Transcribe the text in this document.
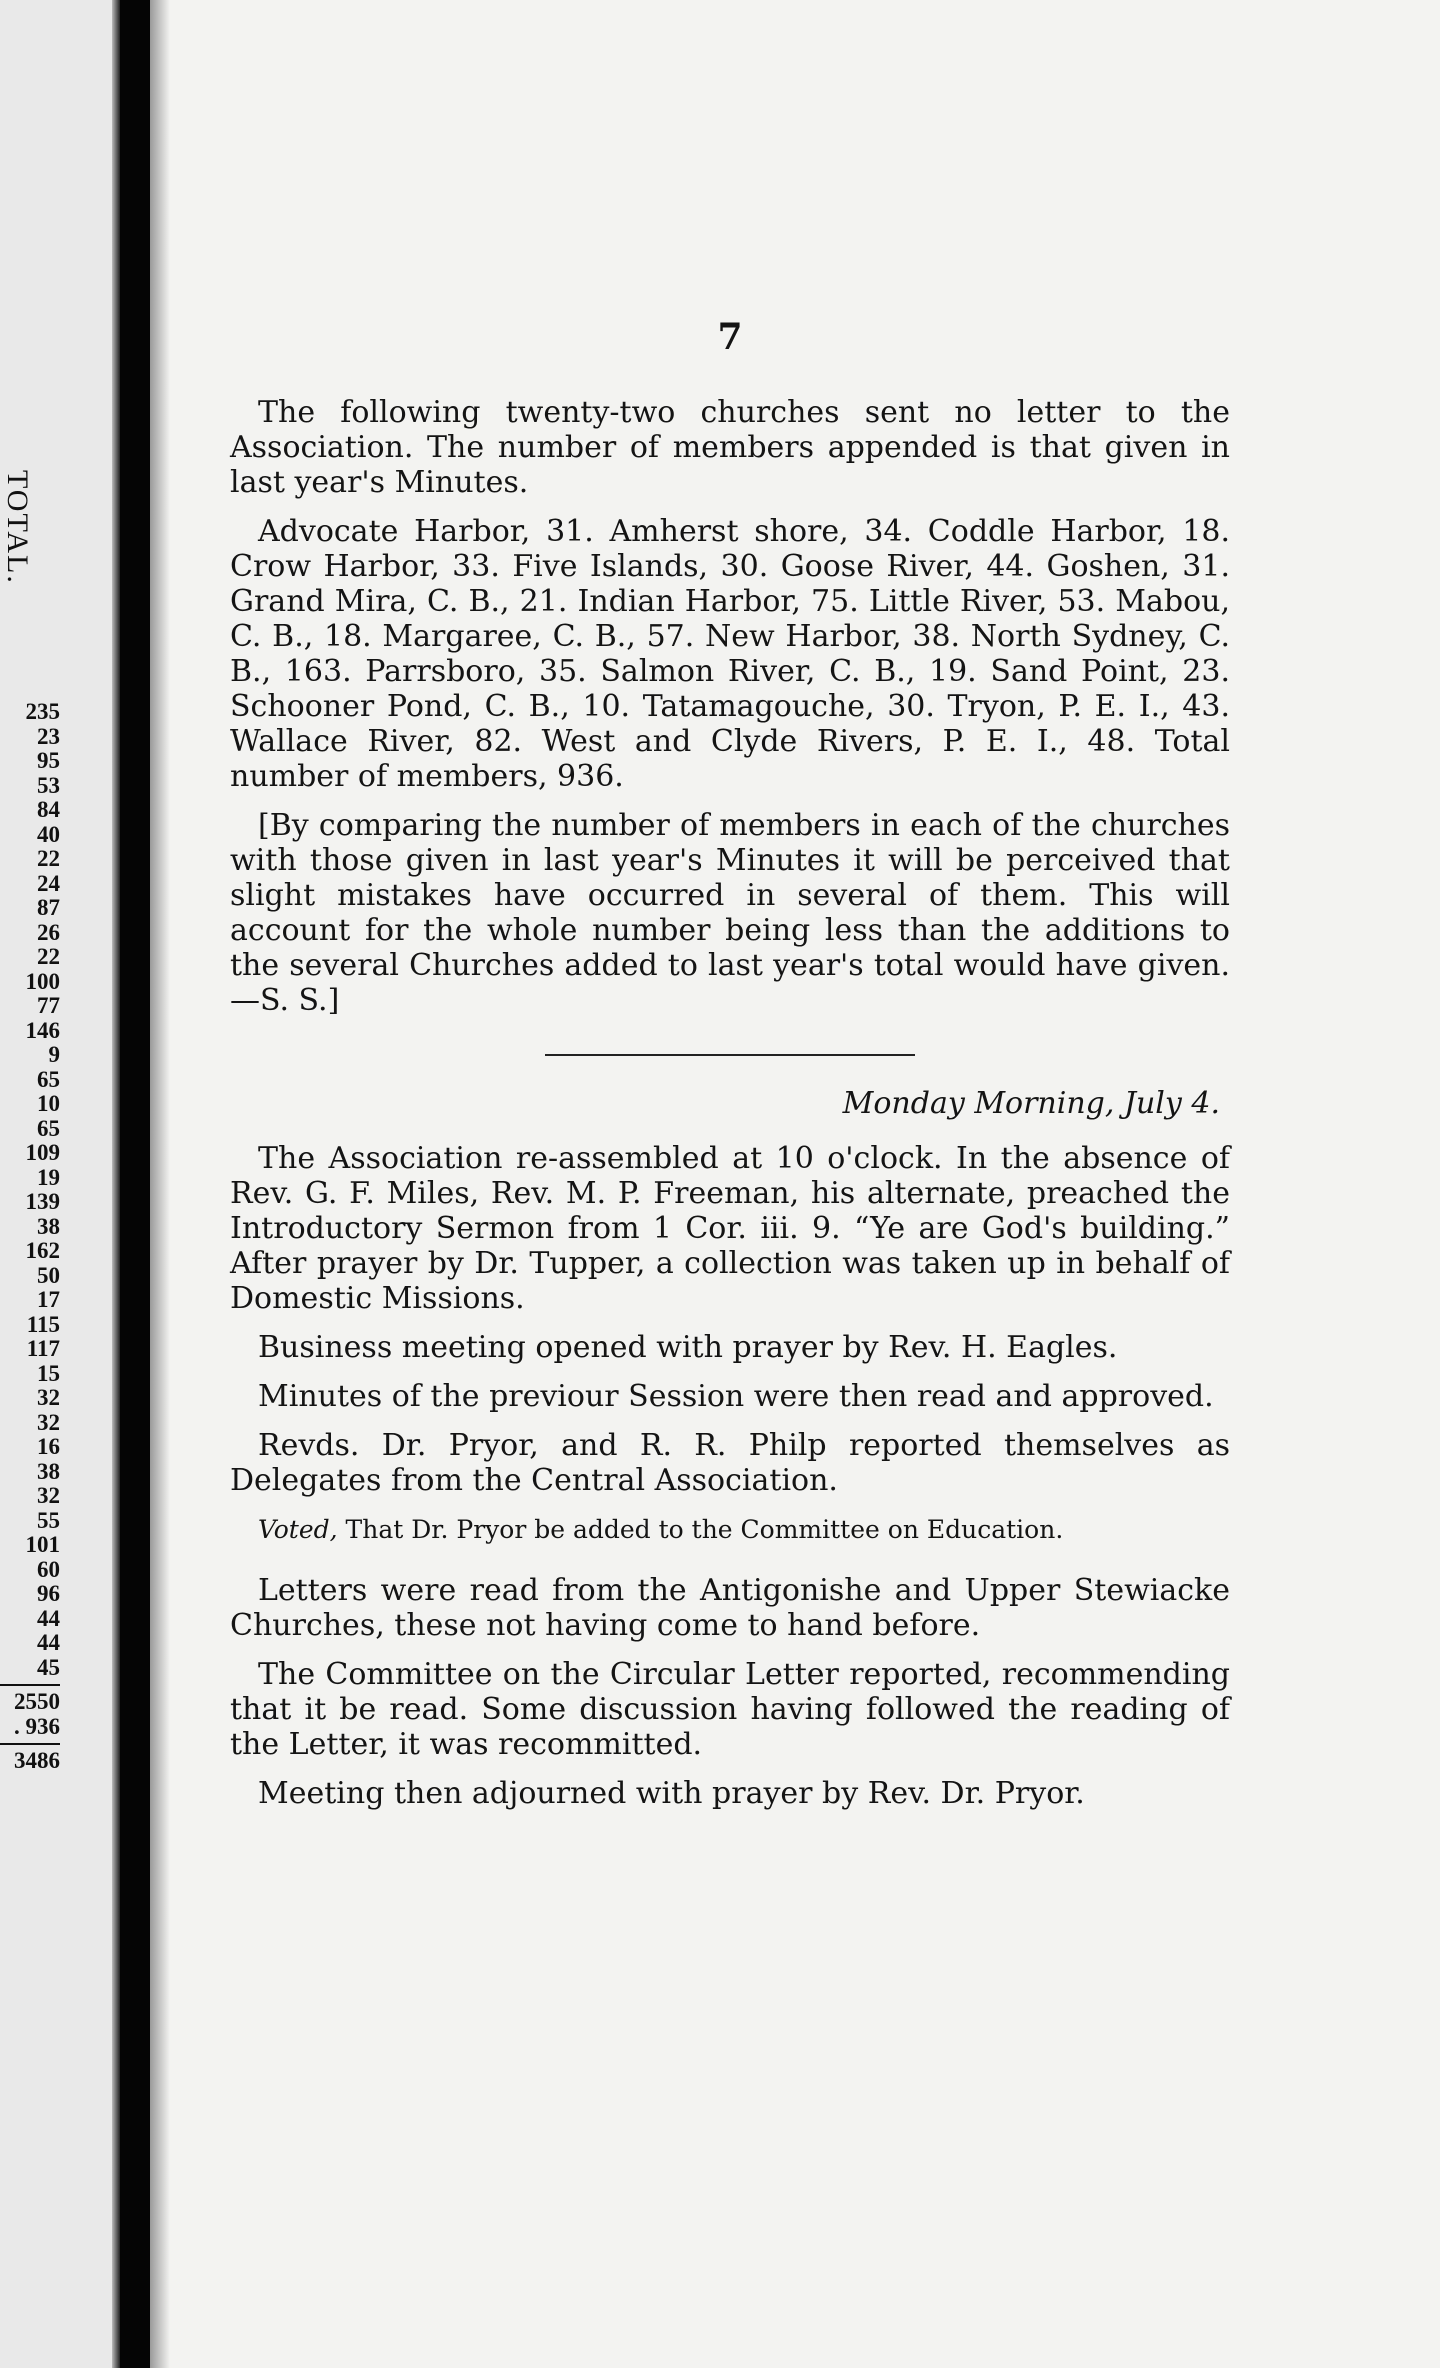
TOTAL.
235
23
95
53
84
40
22
24
87
26
22
100
77
146
9
65
10
65
109
19
139
38
162
50
17
115
117
15
32
32
16
38
32
55
101
60
96
44
44
45
2550
. 936
3486
7

The following twenty-two churches sent no letter to the Association. The number of members appended is that given in last year's Minutes.

Advocate Harbor, 31. Amherst shore, 34. Coddle Harbor, 18. Crow Harbor, 33. Five Islands, 30. Goose River, 44. Goshen, 31. Grand Mira, C. B., 21. Indian Harbor, 75. Little River, 53. Mabou, C. B., 18. Margaree, C. B., 57. New Harbor, 38. North Sydney, C. B., 163. Parrsboro, 35. Salmon River, C. B., 19. Sand Point, 23. Schooner Pond, C. B., 10. Tatamagouche, 30. Tryon, P. E. I., 43. Wallace River, 82. West and Clyde Rivers, P. E. I., 48. Total number of members, 936.

[By comparing the number of members in each of the churches with those given in last year's Minutes it will be perceived that slight mistakes have occurred in several of them. This will account for the whole number being less than the additions to the several Churches added to last year's total would have given.—S. S.]

Monday Morning, July 4.

The Association re-assembled at 10 o'clock. In the absence of Rev. G. F. Miles, Rev. M. P. Freeman, his alternate, preached the Introductory Sermon from 1 Cor. iii. 9. “Ye are God's building.” After prayer by Dr. Tupper, a collection was taken up in behalf of Domestic Missions.

Business meeting opened with prayer by Rev. H. Eagles.

Minutes of the previour Session were then read and approved.

Revds. Dr. Pryor, and R. R. Philp reported themselves as Delegates from the Central Association.

Voted, That Dr. Pryor be added to the Committee on Education.

Letters were read from the Antigonishe and Upper Stewiacke Churches, these not having come to hand before.

The Committee on the Circular Letter reported, recommending that it be read. Some discussion having followed the reading of the Letter, it was recommitted.

Meeting then adjourned with prayer by Rev. Dr. Pryor.
